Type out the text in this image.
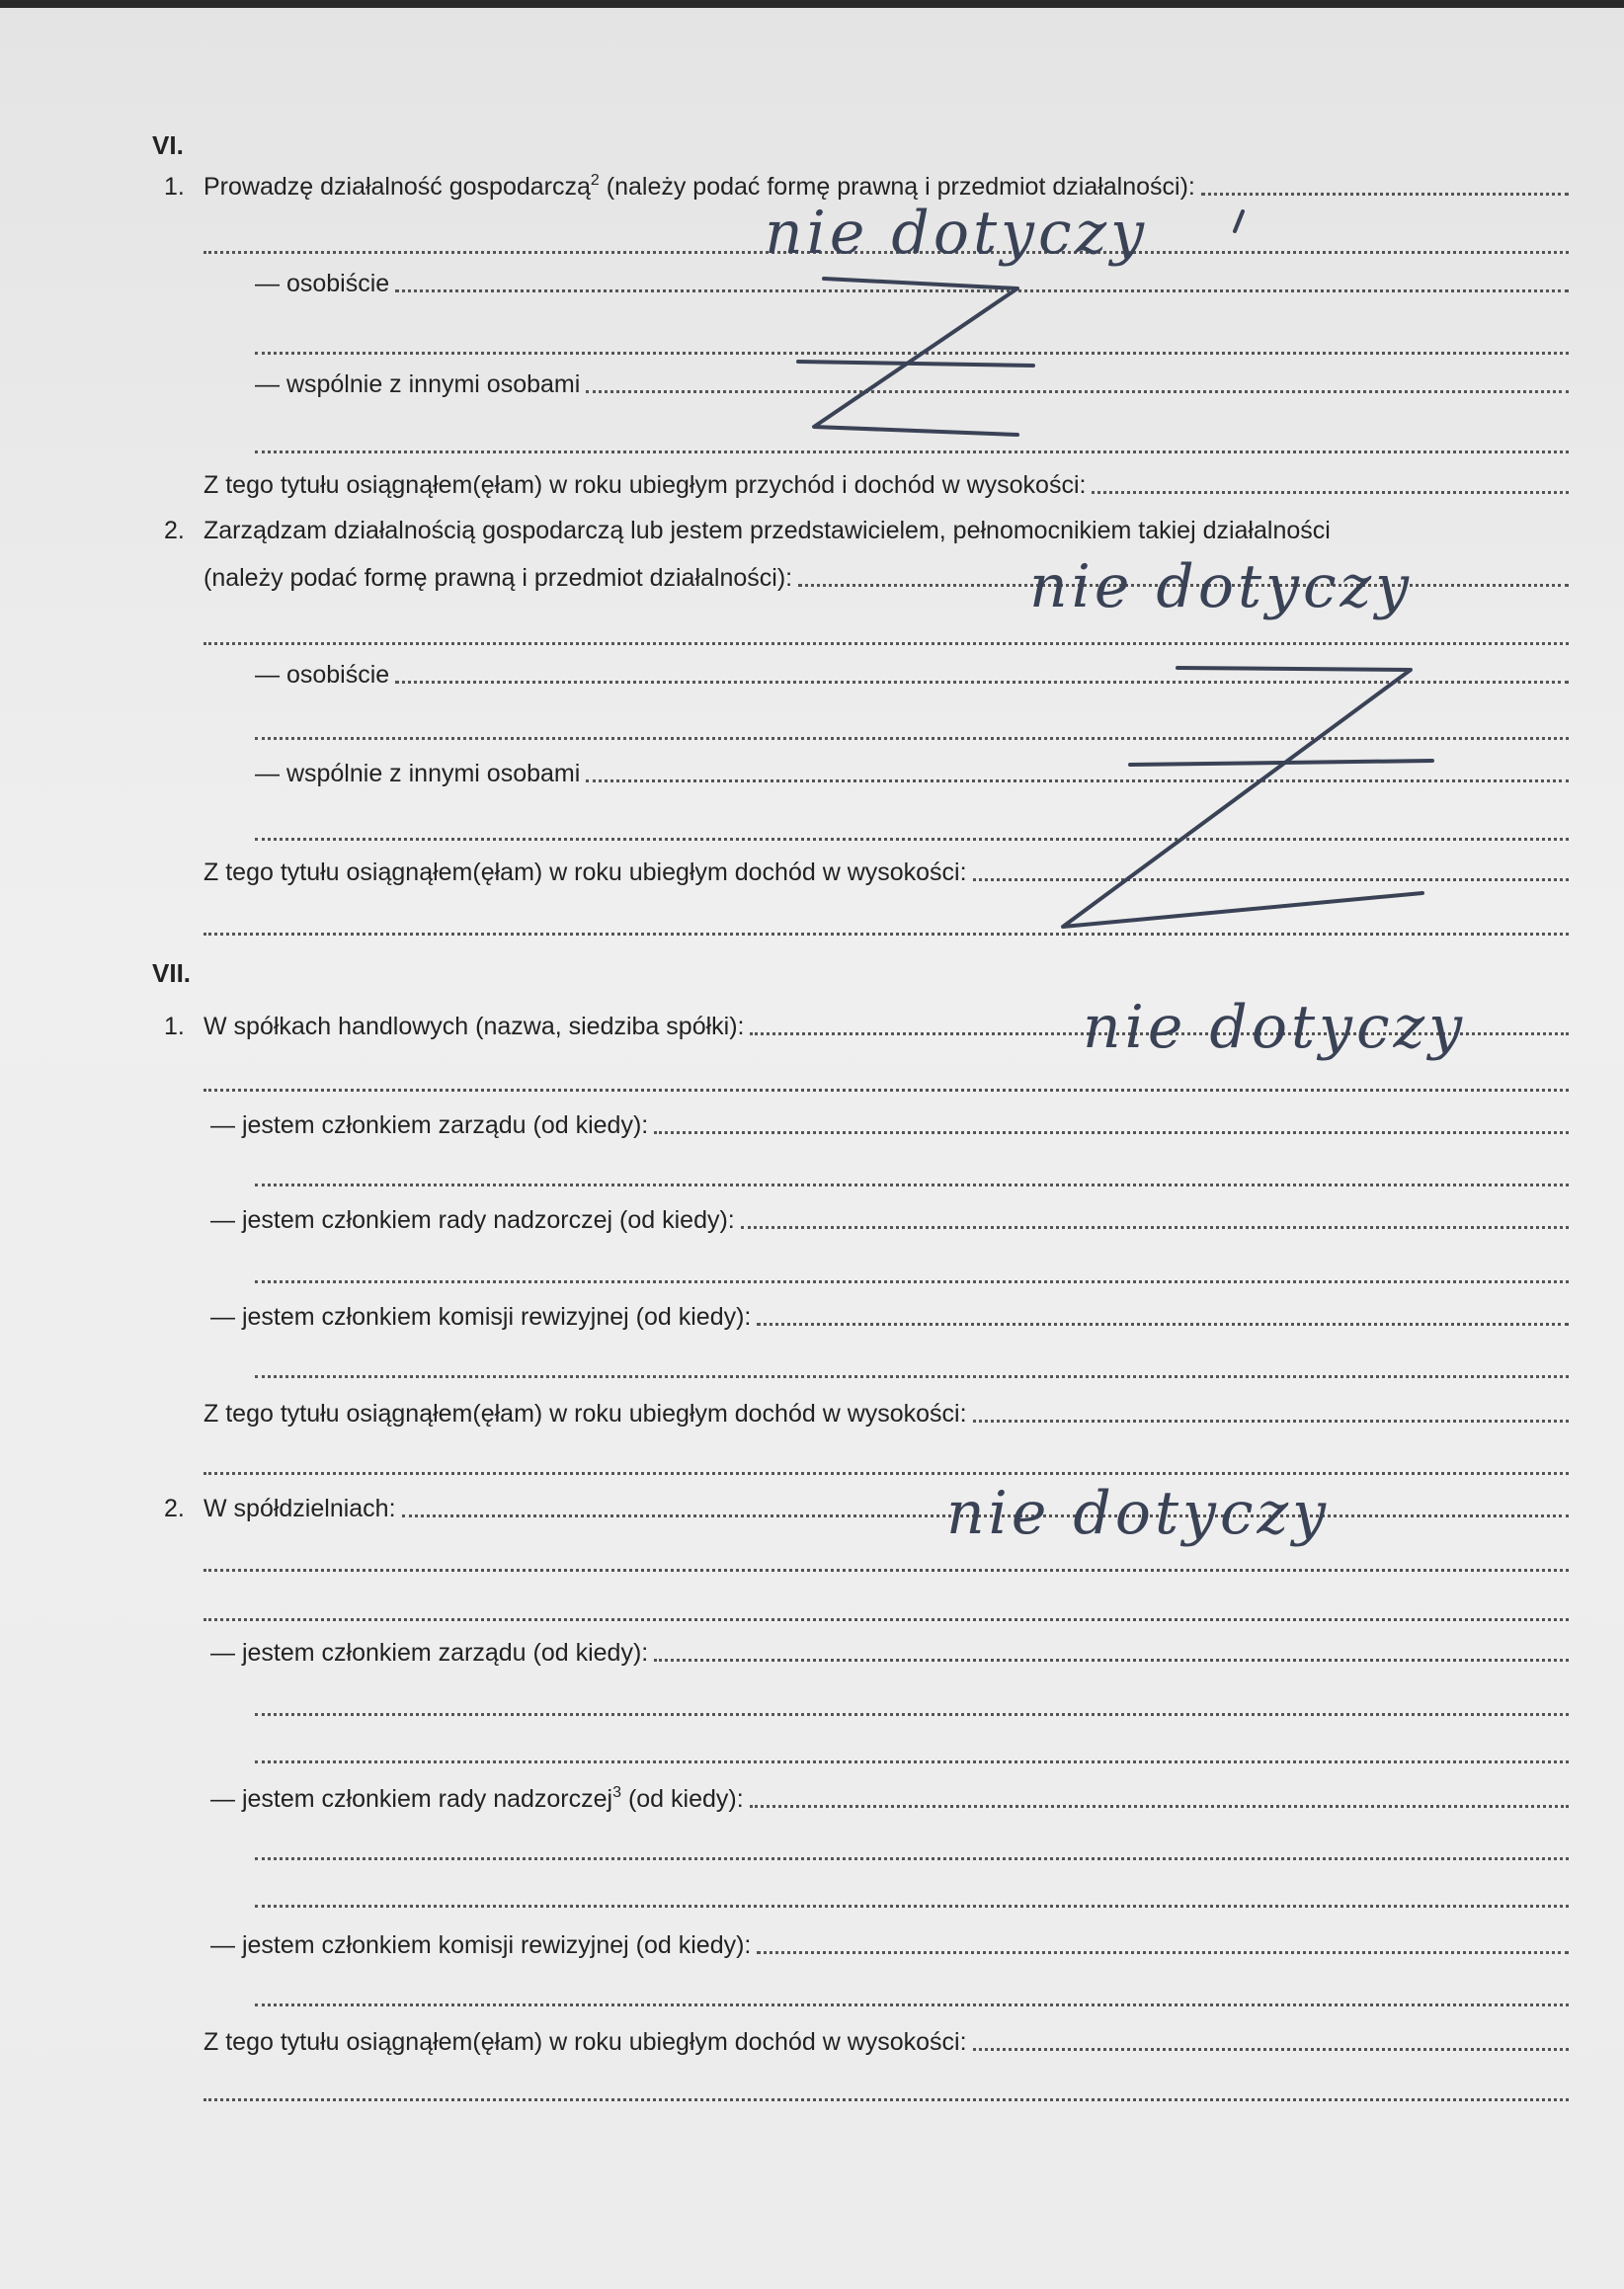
VI.
1. Prowadzę działalność gospodarczą$^2$ (należy podać formę prawną i przedmiot działalności):
— osobiście
— wspólnie z innymi osobami
Z tego tytułu osiągnąłem(ęłam) w roku ubiegłym przychód i dochód w wysokości:
2. Zarządzam działalnością gospodarczą lub jestem przedstawicielem, pełnomocnikiem takiej działalności
(należy podać formę prawną i przedmiot działalności):
— osobiście
— wspólnie z innymi osobami
Z tego tytułu osiągnąłem(ęłam) w roku ubiegłym dochód w wysokości:
VII.
1. W spółkach handlowych (nazwa, siedziba spółki):
— jestem członkiem zarządu (od kiedy):
— jestem członkiem rady nadzorczej (od kiedy):
— jestem członkiem komisji rewizyjnej (od kiedy):
Z tego tytułu osiągnąłem(ęłam) w roku ubiegłym dochód w wysokości:
2. W spółdzielniach:
— jestem członkiem zarządu (od kiedy):
— jestem członkiem rady nadzorczej$^3$ (od kiedy):
— jestem członkiem komisji rewizyjnej (od kiedy):
Z tego tytułu osiągnąłem(ęłam) w roku ubiegłym dochód w wysokości:
nie dotyczy
nie dotyczy
nie dotyczy
nie dotyczy
